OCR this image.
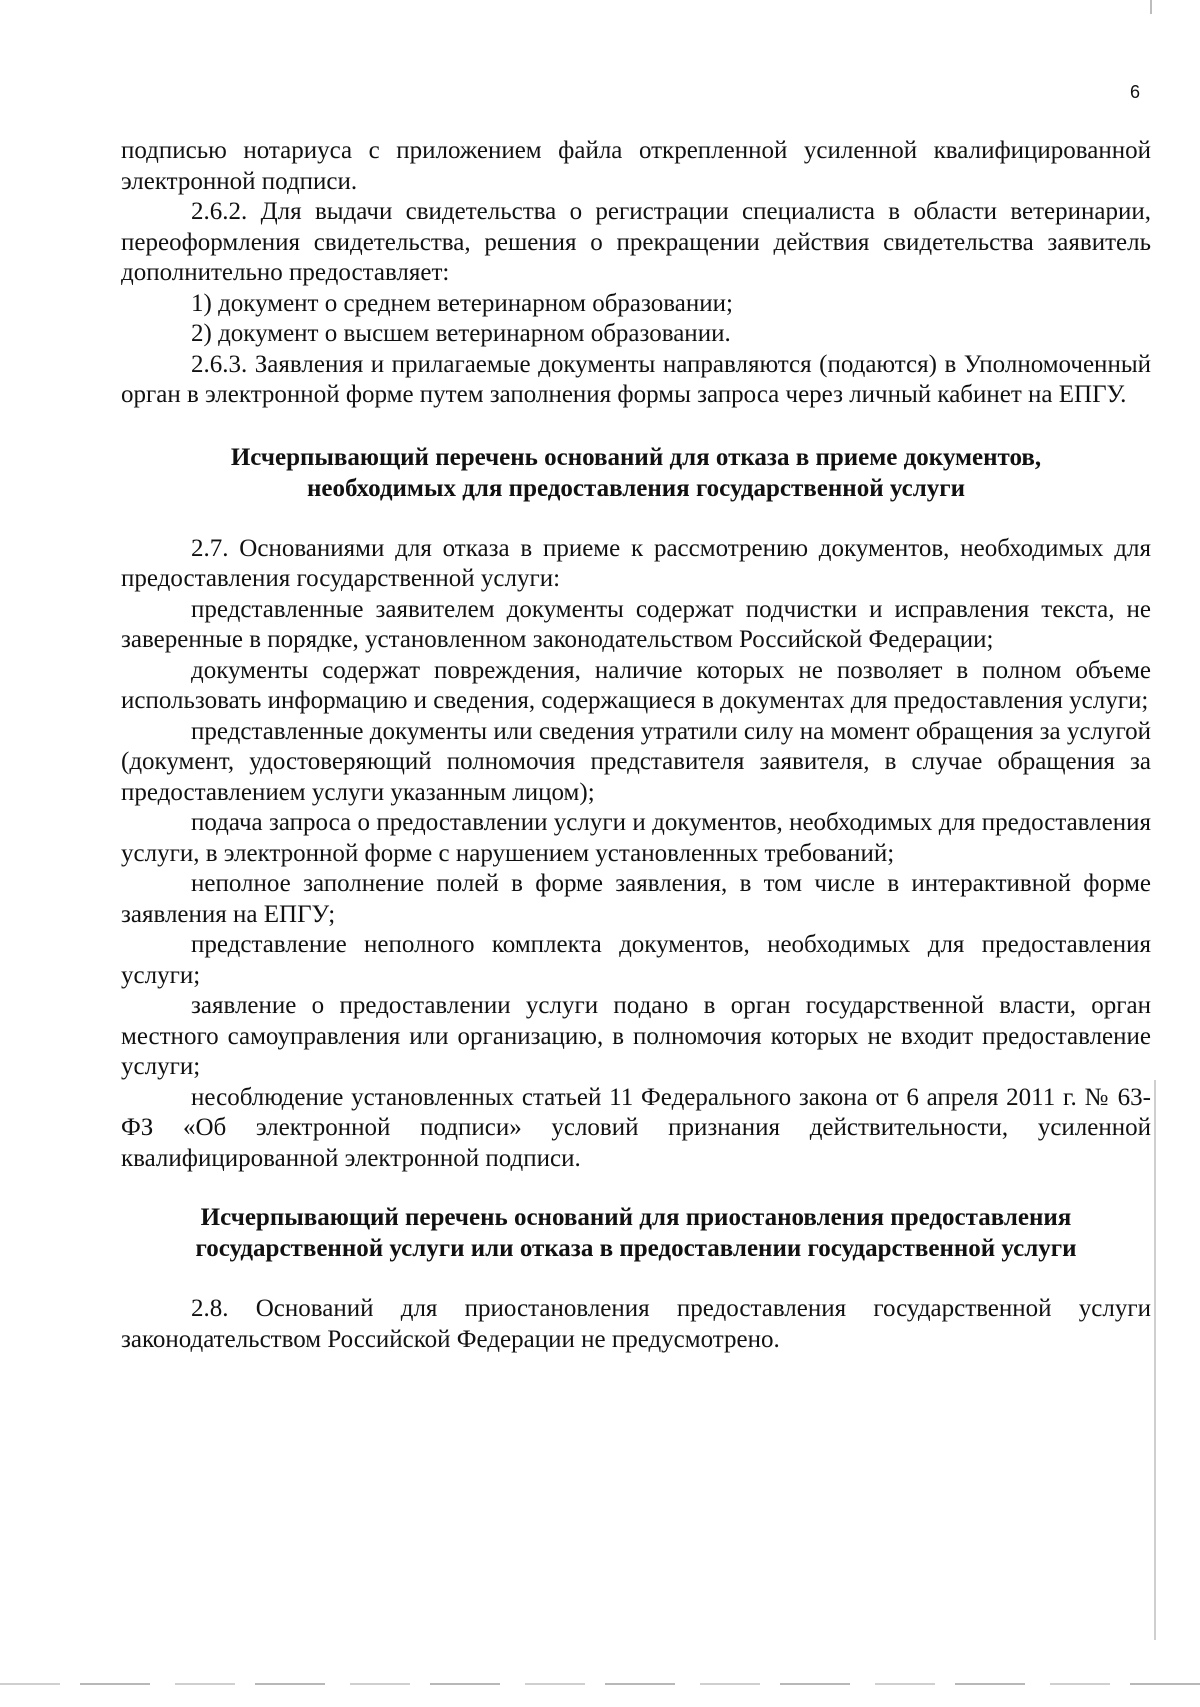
6

подписью нотариуса с приложением файла открепленной усиленной квалифицированной электронной подписи.

2.6.2. Для выдачи свидетельства о регистрации специалиста в области ветеринарии, переоформления свидетельства, решения о прекращении действия свидетельства заявитель дополнительно предоставляет:

1) документ о среднем ветеринарном образовании;

2) документ о высшем ветеринарном образовании.

2.6.3. Заявления и прилагаемые документы направляются (подаются) в Уполномоченный орган в электронной форме путем заполнения формы запроса через личный кабинет на ЕПГУ.

Исчерпывающий перечень оснований для отказа в приеме документов,
необходимых для предоставления государственной услуги

2.7. Основаниями для отказа в приеме к рассмотрению документов, необходимых для предоставления государственной услуги:

представленные заявителем документы содержат подчистки и исправления текста, не заверенные в порядке, установленном законодательством Российской Федерации;

документы содержат повреждения, наличие которых не позволяет в полном объеме использовать информацию и сведения, содержащиеся в документах для предоставления услуги;

представленные документы или сведения утратили силу на момент обращения за услугой (документ, удостоверяющий полномочия представителя заявителя, в случае обращения за предоставлением услуги указанным лицом);

подача запроса о предоставлении услуги и документов, необходимых для предоставления услуги, в электронной форме с нарушением установленных требований;

неполное заполнение полей в форме заявления, в том числе в интерактивной форме заявления на ЕПГУ;

представление неполного комплекта документов, необходимых для предоставления услуги;

заявление о предоставлении услуги подано в орган государственной власти, орган местного самоуправления или организацию, в полномочия которых не входит предоставление услуги;

несоблюдение установленных статьей 11 Федерального закона от 6 апреля 2011 г. № 63-ФЗ «Об электронной подписи» условий признания действительности, усиленной квалифицированной электронной подписи.

Исчерпывающий перечень оснований для приостановления предоставления
государственной услуги или отказа в предоставлении государственной услуги

2.8. Оснований для приостановления предоставления государственной услуги законодательством Российской Федерации не предусмотрено.
